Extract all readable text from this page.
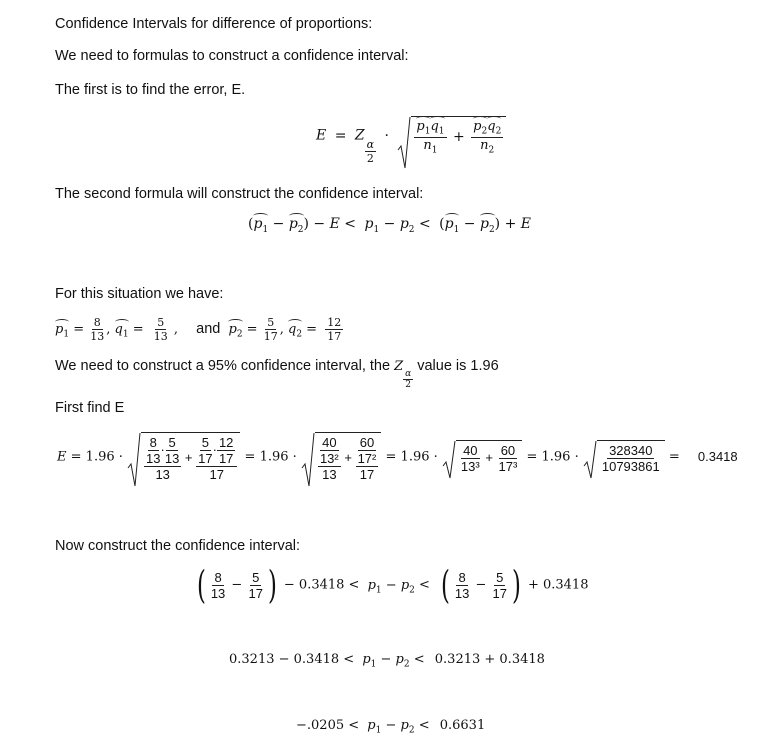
Confidence Intervals for difference of proportions:
We need to formulas to construct a confidence interval:
The first is to find the error, E.
E = Z
$\frac{\alpha}{2}$
· $\frac{p_1q_1}{n_1} + \frac{p_2q_2}{n_2}$
The second formula will construct the confidence interval:
$(p_1 - p_2) - E < p_1 - p_2 < (p_1 - p_2) + E$
For this situation we have:
$p_1 = \frac{8}{13}$ , $q_1 = \frac{5}{13}$ , and $p_2 = \frac{5}{17}$ , $q_2 = \frac{12}{17}$
We need to construct a 95% confidence interval, the Z
$\frac{\alpha}{2}$
value is 1.96
First find E
$E = 1.96 \cdot \frac{\frac{8}{13} \cdot \frac{5}{13}}{13} + \frac{\frac{5}{17} \cdot \frac{12}{17}}{17} = 1.96 \cdot \frac{\frac{40}{\text{13²}}}{13} + \frac{\frac{60}{\text{17²}}}{17} = 1.96 \cdot \frac{40}{\text{13³}} + \frac{60}{\text{17³}} = 1.96 \cdot \frac{328340}{10793861} = 0.3418$
Now construct the confidence interval:
( $\frac{8}{13} - \frac{5}{17}$ ) − $0.3418 < p_1 - p_2$ < ( $\frac{8}{13} - \frac{5}{17}$ ) + 0.3418
$0.3213 - 0.3418 < p_1 - p_2 < 0.3213 + 0.3418$
$-.0205 < p_1 - p_2 < 0.6631$
